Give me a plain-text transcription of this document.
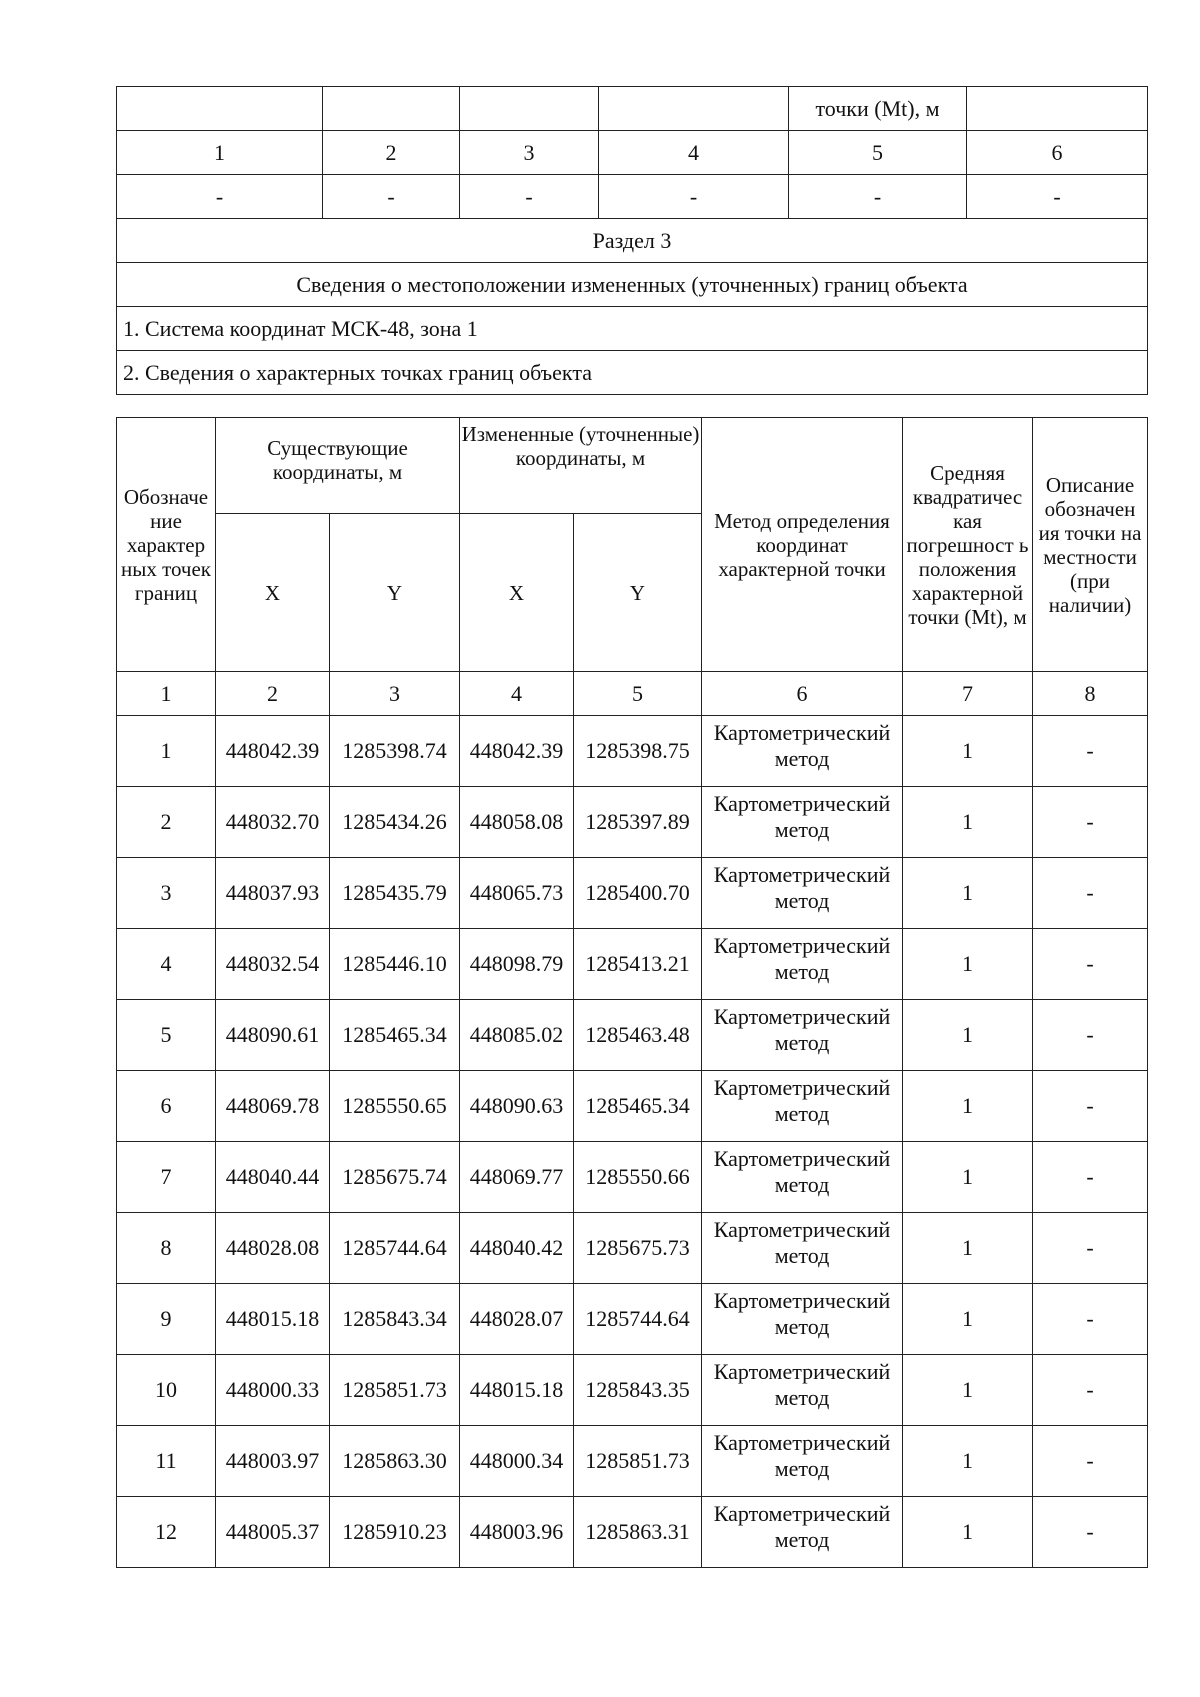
				точки (Mt), м	
1	2	3	4	5	6
-	-	-	-	-	-
Раздел 3					
Сведения о местоположении измененных (уточненных) границ объекта					
1. Система координат МСК-48, зона 1					
2. Сведения о характерных точках границ объекта					
Обозначе ние характер ных точек границ	Существующие координаты, м		Измененные (уточненные) координаты, м		Метод определения координат характерной точки	Средняя квадратичес кая погрешност ь положения характерной точки (Mt), м	Описание обозначен ия точки на местности (при наличии)
	X	Y	X	Y			
1	2	3	4	5	6	7	8
1	448042.39	1285398.74	448042.39	1285398.75	Картометрический метод	1	-
2	448032.70	1285434.26	448058.08	1285397.89	Картометрический метод	1	-
3	448037.93	1285435.79	448065.73	1285400.70	Картометрический метод	1	-
4	448032.54	1285446.10	448098.79	1285413.21	Картометрический метод	1	-
5	448090.61	1285465.34	448085.02	1285463.48	Картометрический метод	1	-
6	448069.78	1285550.65	448090.63	1285465.34	Картометрический метод	1	-
7	448040.44	1285675.74	448069.77	1285550.66	Картометрический метод	1	-
8	448028.08	1285744.64	448040.42	1285675.73	Картометрический метод	1	-
9	448015.18	1285843.34	448028.07	1285744.64	Картометрический метод	1	-
10	448000.33	1285851.73	448015.18	1285843.35	Картометрический метод	1	-
11	448003.97	1285863.30	448000.34	1285851.73	Картометрический метод	1	-
12	448005.37	1285910.23	448003.96	1285863.31	Картометрический метод	1	-
